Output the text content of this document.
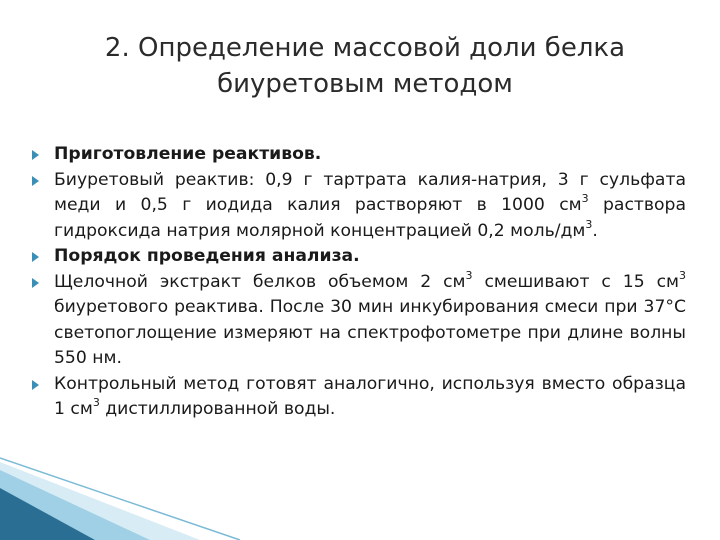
2. Определение массовой доли белка
биуретовым методом
Приготовление реактивов.
Биуретовый реактив: 0,9 г тартрата калия-натрия, 3 г сульфата меди и 0,5 г иодида калия растворяют в 1000 $см^3$ раствора гидроксида натрия молярной концентрацией 0,2 моль/$дм^3$.
Порядок проведения анализа.
Щелочной экстракт белков объемом 2 $см^3$ смешивают с 15 $см^3$ биуретового реактива. После 30 мин инкубирования смеси при 37°С светопоглощение измеряют на спектрофотометре при длине волны 550 нм.
Контрольный метод готовят аналогично, используя вместо образца 1 $см^3$ дистиллированной воды.
